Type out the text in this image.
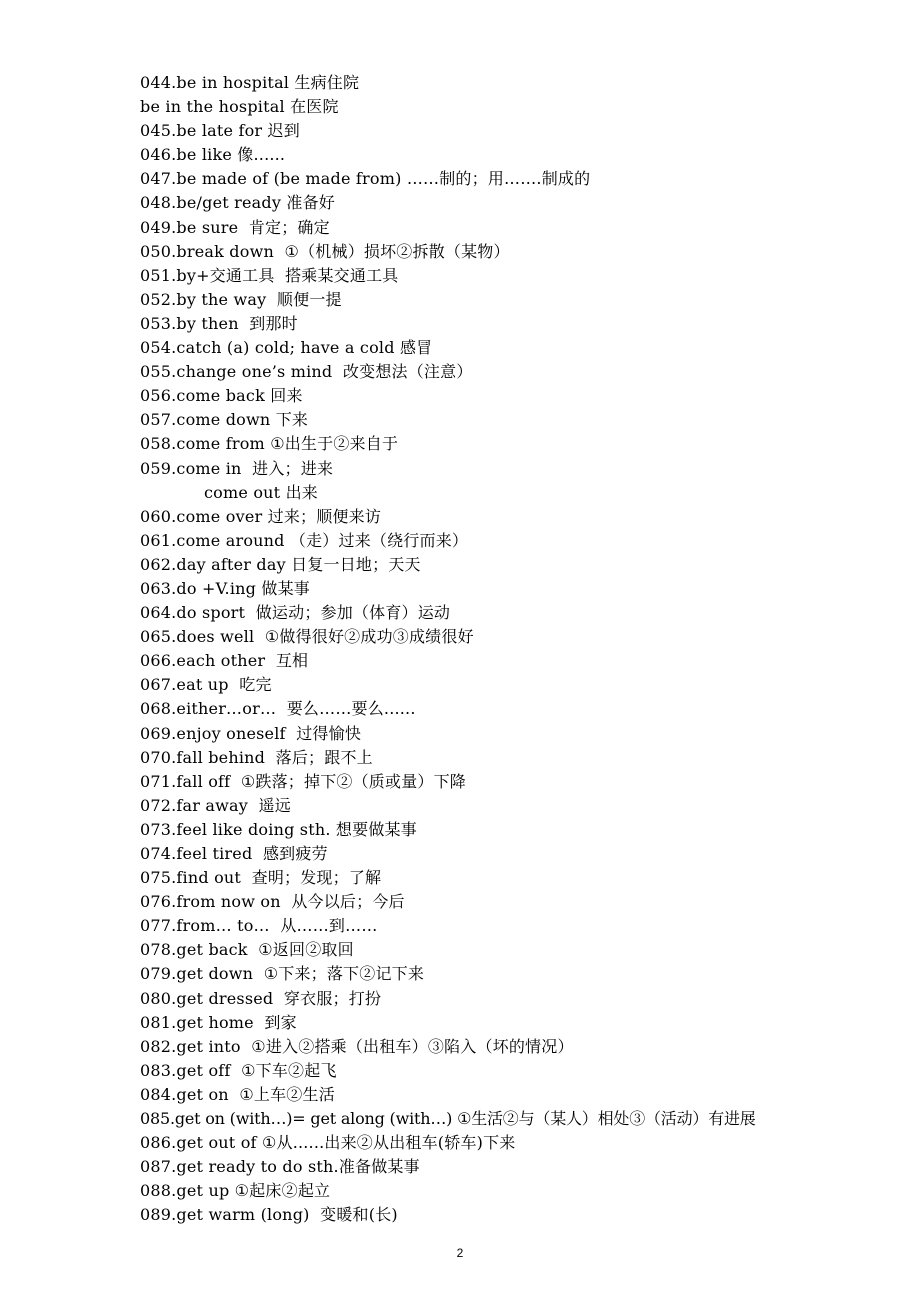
044.be in hospital 生病住院
be in the hospital 在医院
045.be late for 迟到
046.be like 像......
047.be made of (be made from) ……制的；用…….制成的
048.be/get ready 准备好
049.be sure  肯定；确定
050.break down  ①（机械）损坏②拆散（某物）
051.by+交通工具  搭乘某交通工具
052.by the way  顺便一提
053.by then  到那时
054.catch (a) cold; have a cold 感冒
055.change one’s mind  改变想法（注意）
056.come back 回来
057.come down 下来
058.come from ①出生于②来自于
059.come in  进入；进来
come out 出来
060.come over 过来；顺便来访
061.come around （走）过来（绕行而来）
062.day after day 日复一日地；天天
063.do +V.ing 做某事
064.do sport  做运动；参加（体育）运动
065.does well  ①做得很好②成功③成绩很好
066.each other  互相
067.eat up  吃完
068.either…or…  要么……要么......
069.enjoy oneself  过得愉快
070.fall behind  落后；跟不上
071.fall off  ①跌落；掉下②（质或量）下降
072.far away  遥远
073.feel like doing sth. 想要做某事
074.feel tired  感到疲劳
075.find out  查明；发现；了解
076.from now on  从今以后；今后
077.from… to…  从……到……
078.get back  ①返回②取回
079.get down  ①下来；落下②记下来
080.get dressed  穿衣服；打扮
081.get home  到家
082.get into  ①进入②搭乘（出租车）③陷入（坏的情况）
083.get off  ①下车②起飞
084.get on  ①上车②生活
085.get on (with…)= get along (with…) ①生活②与（某人）相处③（活动）有进展
086.get out of ①从......出来②从出租车(轿车)下来
087.get ready to do sth.准备做某事
088.get up ①起床②起立
089.get warm (long)  变暖和(长)
2
